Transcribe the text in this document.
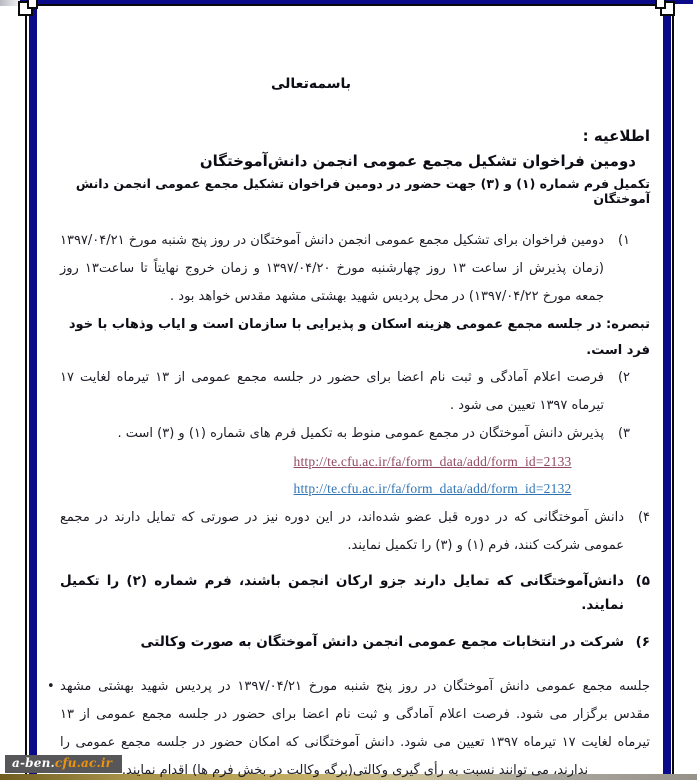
باسمه‌تعالی
اطلاعیه :
دومین فراخوان تشکیل مجمع عمومی انجمن دانش‌آموختگان
تکمیل فرم شماره (۱) و (۳) جهت حضور در دومین فراخوان تشکیل مجمع عمومی انجمن دانش آموختگان
۱)
دومین فراخوان برای تشکیل مجمع عمومی انجمن دانش آموختگان در روز پنج شنبه مورخ ۱۳۹۷/۰۴/۲۱ (زمان پذیرش از ساعت ۱۳ روز چهارشنبه مورخ ۱۳۹۷/۰۴/۲۰ و زمان خروج نهایتاً تا ساعت۱۳ روز جمعه مورخ ۱۳۹۷/۰۴/۲۲) در محل پردیس شهید بهشتی مشهد مقدس خواهد بود .
تبصره: در جلسه مجمع عمومی هزینه اسکان و پذیرایی با سازمان است و ایاب وذهاب با خود فرد است.
۲)
فرصت اعلام آمادگی و ثبت نام اعضا برای حضور در جلسه مجمع عمومی از ۱۳ تیرماه لغایت ۱۷ تیرماه ۱۳۹۷ تعیین می شود .
۳)
پذیرش دانش آموختگان در مجمع عمومی منوط به تکمیل فرم های شماره (۱) و (۳) است .
http://te.cfu.ac.ir/fa/form_data/add/form_id=2133
http://te.cfu.ac.ir/fa/form_data/add/form_id=2132
۴)
دانش آموختگانی که در دوره قبل عضو شده‌اند، در این دوره نیز در صورتی که تمایل دارند در مجمع عمومی شرکت کنند، فرم (۱) و (۳) را تکمیل نمایند.
۵)
دانش‌آموختگانی که تمایل دارند جزو ارکان انجمن باشند، فرم شماره (۲) را تکمیل نمایند.
۶)
شرکت در انتخابات مجمع عمومی انجمن دانش آموختگان به صورت وکالتی
• جلسه مجمع عمومی دانش آموختگان در روز پنج شنبه مورخ ۱۳۹۷/۰۴/۲۱ در پردیس شهید بهشتی مشهد مقدس برگزار می شود. فرصت اعلام آمادگی و ثبت نام اعضا برای حضور در جلسه مجمع عمومی از ۱۳ تیرماه لغایت ۱۷ تیرماه ۱۳۹۷ تعیین می شود. دانش آموختگانی که امکان حضور در جلسه مجمع عمومی را ندارند، می توانند نسبت به رأی گیری وکالتی(برگه وکالت در بخش فرم ها) اقدام نمایند.
a-ben.cfu.ac.ir
